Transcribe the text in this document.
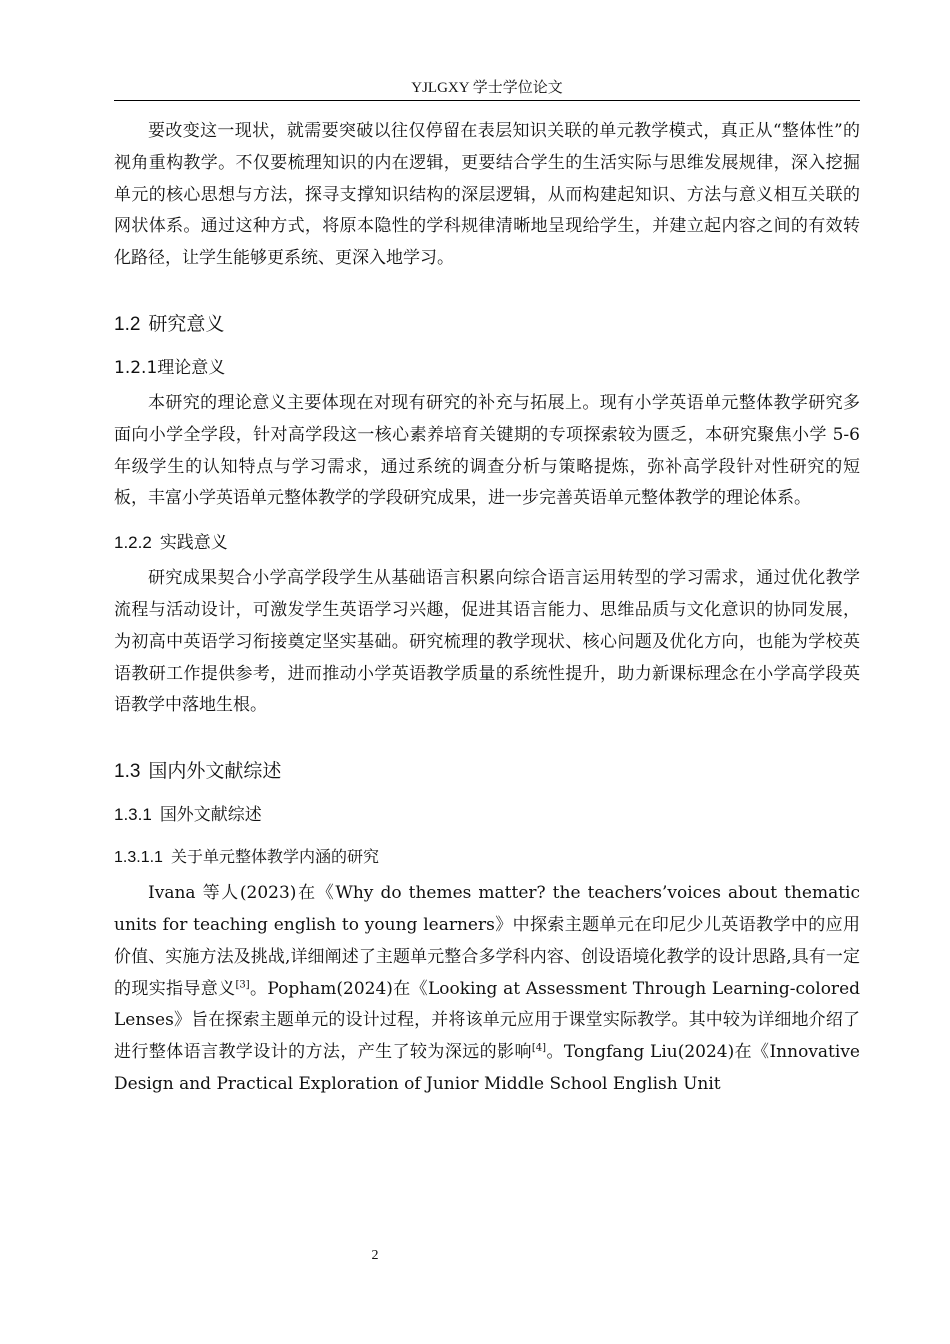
YJLGXY 学士学位论文

要改变这一现状，就需要突破以往仅停留在表层知识关联的单元教学模式，真正从“整体性”的视角重构教学。不仅要梳理知识的内在逻辑，更要结合学生的生活实际与思维发展规律，深入挖掘单元的核心思想与方法，探寻支撑知识结构的深层逻辑，从而构建起知识、方法与意义相互关联的网状体系。通过这种方式，将原本隐性的学科规律清晰地呈现给学生，并建立起内容之间的有效转化路径，让学生能够更系统、更深入地学习。

1.2 研究意义
1.2.1理论意义

本研究的理论意义主要体现在对现有研究的补充与拓展上。现有小学英语单元整体教学研究多面向小学全学段，针对高学段这一核心素养培育关键期的专项探索较为匮乏，本研究聚焦小学 5-6 年级学生的认知特点与学习需求，通过系统的调查分析与策略提炼，弥补高学段针对性研究的短板，丰富小学英语单元整体教学的学段研究成果，进一步完善英语单元整体教学的理论体系。

1.2.2 实践意义

研究成果契合小学高学段学生从基础语言积累向综合语言运用转型的学习需求，通过优化教学流程与活动设计，可激发学生英语学习兴趣，促进其语言能力、思维品质与文化意识的协同发展，为初高中英语学习衔接奠定坚实基础。研究梳理的教学现状、核心问题及优化方向，也能为学校英语教研工作提供参考，进而推动小学英语教学质量的系统性提升，助力新课标理念在小学高学段英语教学中落地生根。

1.3 国内外文献综述
1.3.1 国外文献综述
1.3.1.1 关于单元整体教学内涵的研究

Ivana 等人(2023)在《Why do themes matter? the teachers’voices about thematic units for teaching english to young learners》中探索主题单元在印尼少儿英语教学中的应用价值、实施方法及挑战,详细阐述了主题单元整合多学科内容、创设语境化教学的设计思路,具有一定的现实指导意义[3]。Popham(2024)在《Looking at Assessment Through Learning-colored Lenses》旨在探索主题单元的设计过程，并将该单元应用于课堂实际教学。其中较为详细地介绍了进行整体语言教学设计的方法，产生了较为深远的影响[4]。Tongfang Liu(2024)在《Innovative Design and Practical Exploration of Junior Middle School English Unit

2
